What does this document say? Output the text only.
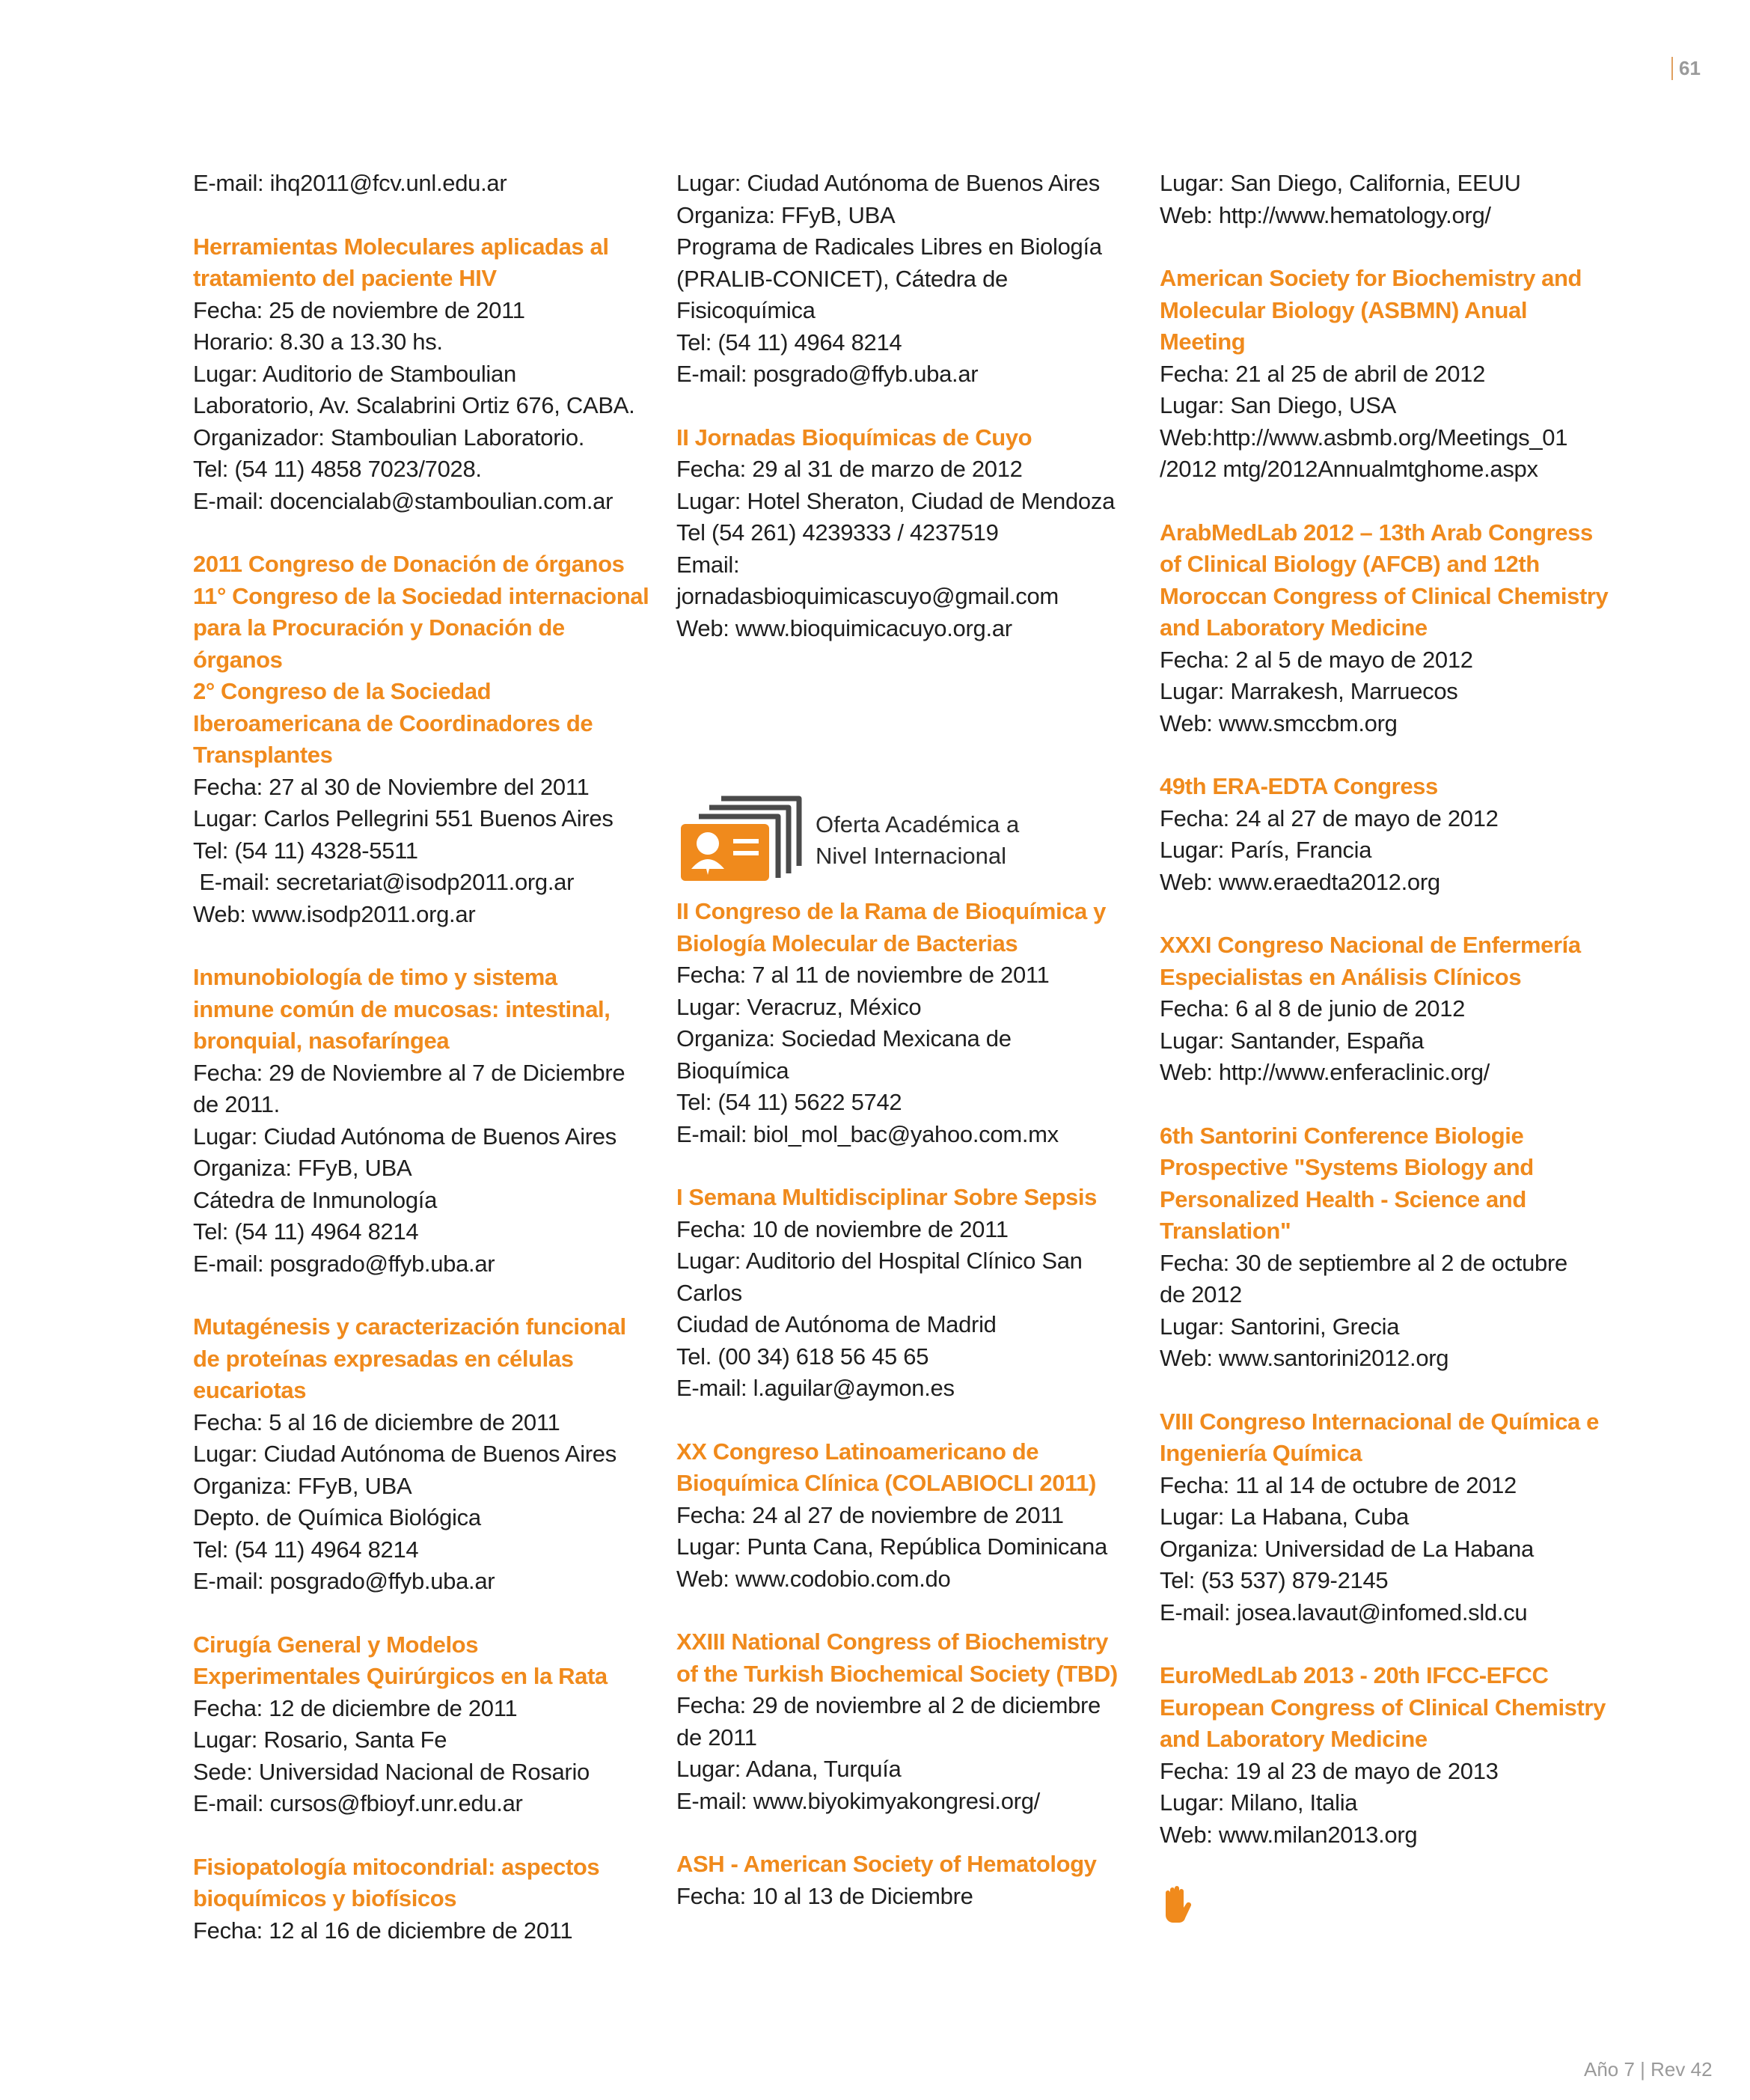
61
E-mail: ihq2011@fcv.unl.edu.ar
Herramientas Moleculares aplicadas al
tratamiento del paciente HIV
Fecha: 25 de noviembre de 2011
Horario: 8.30 a 13.30 hs.
Lugar: Auditorio de Stamboulian
Laboratorio, Av. Scalabrini Ortiz 676, CABA.
Organizador: Stamboulian Laboratorio.
Tel: (54 11) 4858 7023/7028.
E-mail: docencialab@stamboulian.com.ar
2011 Congreso de Donación de órganos
11° Congreso de la Sociedad internacional
para la Procuración y Donación de
órganos
2° Congreso de la Sociedad
Iberoamericana de Coordinadores de
Transplantes
Fecha: 27 al 30 de Noviembre del 2011
Lugar: Carlos Pellegrini 551 Buenos Aires
Tel: (54 11) 4328-5511
E-mail: secretariat@isodp2011.org.ar
Web: www.isodp2011.org.ar
Inmunobiología de timo y sistema
inmune común de mucosas: intestinal,
bronquial, nasofaríngea
Fecha: 29 de Noviembre al 7 de Diciembre
de 2011.
Lugar: Ciudad Autónoma de Buenos Aires
Organiza: FFyB, UBA
Cátedra de Inmunología
Tel: (54 11) 4964 8214
E-mail: posgrado@ffyb.uba.ar
Mutagénesis y caracterización funcional
de proteínas expresadas en células
eucariotas
Fecha: 5 al 16 de diciembre de 2011
Lugar: Ciudad Autónoma de Buenos Aires
Organiza: FFyB, UBA
Depto. de Química Biológica
Tel: (54 11) 4964 8214
E-mail: posgrado@ffyb.uba.ar
Cirugía General y Modelos
Experimentales Quirúrgicos en la Rata
Fecha: 12 de diciembre de 2011
Lugar: Rosario, Santa Fe
Sede: Universidad Nacional de Rosario
E-mail: cursos@fbioyf.unr.edu.ar
Fisiopatología mitocondrial: aspectos
bioquímicos y biofísicos
Fecha: 12 al 16 de diciembre de 2011
Lugar: Ciudad Autónoma de Buenos Aires
Organiza: FFyB, UBA
Programa de Radicales Libres en Biología
(PRALIB-CONICET), Cátedra de
Fisicoquímica
Tel: (54 11) 4964 8214
E-mail: posgrado@ffyb.uba.ar
II Jornadas Bioquímicas de Cuyo
Fecha: 29 al 31 de marzo de 2012
Lugar: Hotel Sheraton, Ciudad de Mendoza
Tel (54 261) 4239333 / 4237519
Email:
jornadasbioquimicascuyo@gmail.com
Web: www.bioquimicacuyo.org.ar
Oferta Académica a
Nivel Internacional
II Congreso de la Rama de Bioquímica y
Biología Molecular de Bacterias
Fecha: 7 al 11 de noviembre de 2011
Lugar: Veracruz, México
Organiza: Sociedad Mexicana de
Bioquímica
Tel: (54 11) 5622 5742
E-mail: biol_mol_bac@yahoo.com.mx
I Semana Multidisciplinar Sobre Sepsis
Fecha: 10 de noviembre de 2011
Lugar: Auditorio del Hospital Clínico San
Carlos
Ciudad de Autónoma de Madrid
Tel. (00 34) 618 56 45 65
E-mail: l.aguilar@aymon.es
XX Congreso Latinoamericano de
Bioquímica Clínica (COLABIOCLI 2011)
Fecha: 24 al 27 de noviembre de 2011
Lugar: Punta Cana, República Dominicana
Web: www.codobio.com.do
XXIII National Congress of Biochemistry
of the Turkish Biochemical Society (TBD)
Fecha: 29 de noviembre al 2 de diciembre
de 2011
Lugar: Adana, Turquía
E-mail: www.biyokimyakongresi.org/
ASH - American Society of Hematology
Fecha: 10 al 13 de Diciembre
Lugar: San Diego, California, EEUU
Web: http://www.hematology.org/
American Society for Biochemistry and
Molecular Biology (ASBMN) Anual
Meeting
Fecha: 21 al 25 de abril de 2012
Lugar: San Diego, USA
Web:http://www.asbmb.org/Meetings_01
/2012 mtg/2012Annualmtghome.aspx
ArabMedLab 2012 – 13th Arab Congress
of Clinical Biology (AFCB) and 12th
Moroccan Congress of Clinical Chemistry
and Laboratory Medicine
Fecha: 2 al 5 de mayo de 2012
Lugar: Marrakesh, Marruecos
Web: www.smccbm.org
49th ERA-EDTA Congress
Fecha: 24 al 27 de mayo de 2012
Lugar: París, Francia
Web: www.eraedta2012.org
XXXI Congreso Nacional de Enfermería
Especialistas en Análisis Clínicos
Fecha: 6 al 8 de junio de 2012
Lugar: Santander, España
Web: http://www.enferaclinic.org/
6th Santorini Conference Biologie
Prospective "Systems Biology and
Personalized Health - Science and
Translation"
Fecha: 30 de septiembre al 2 de octubre
de 2012
Lugar: Santorini, Grecia
Web: www.santorini2012.org
VIII Congreso Internacional de Química e
Ingeniería Química
Fecha: 11 al 14 de octubre de 2012
Lugar: La Habana, Cuba
Organiza: Universidad de La Habana
Tel: (53 537) 879-2145
E-mail: josea.lavaut@infomed.sld.cu
EuroMedLab 2013 - 20th IFCC-EFCC
European Congress of Clinical Chemistry
and Laboratory Medicine
Fecha: 19 al 23 de mayo de 2013
Lugar: Milano, Italia
Web: www.milan2013.org
Año 7 | Rev 42
